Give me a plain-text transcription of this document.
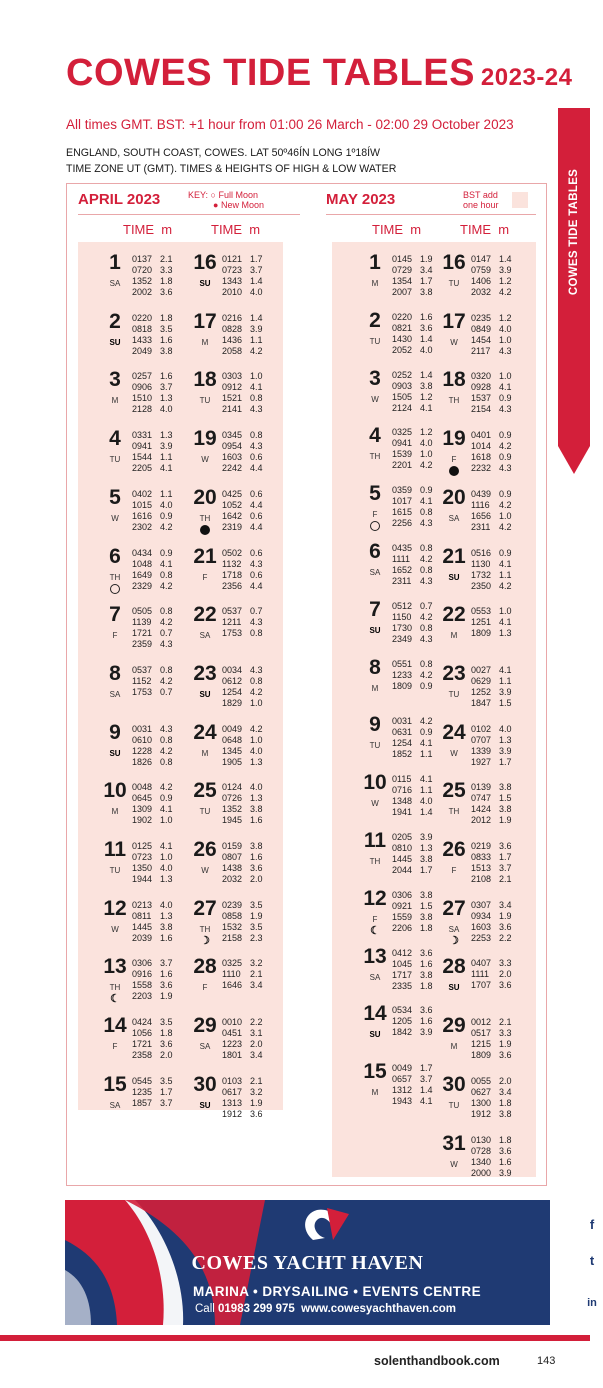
COWES TIDE TABLES 2023-24
All times GMT. BST: +1 hour from 01:00 26 March - 02:00 29 October 2023
ENGLAND, SOUTH COAST, COWES. LAT 50º46ÍN LONG 1º18ÍW
TIME ZONE UT (GMT). TIMES & HEIGHTS OF HIGH & LOW WATER	COWES TIDE TABLES
APRIL 2023	MAY 2023
KEY: ○ Full Moon
● New Moon
BST add
one hour
TIME m	TIME m	TIME m	TIME m
COWES YACHT HAVEN
MARINA • DRYSAILING • EVENTS CENTRE
Call 01983 299 975 www.cowesyachthaven.com
f
t
in
solenthandbook.com	143
1
SA
0137 2.1
0720 3.3
1352 1.8
2002 3.6
2
SU
0220 1.8
0818 3.5
1433 1.6
2049 3.8
3
M
0257 1.6
0906 3.7
1510 1.3
2128 4.0
4
TU
0331 1.3
0941 3.9
1544 1.1
2205 4.1
5
W
0402 1.1
1015 4.0
1616 0.9
2302 4.2
6
TH
0434 0.9
1048 4.1
1649 0.8
2329 4.2
7
F
0505 0.8
1139 4.2
1721 0.7
2359 4.3
8
SA
0537 0.8
1152 4.2
1753 0.7
9
SU
0031 4.3
0610 0.8
1228 4.2
1826 0.8
10
M
0048 4.2
0645 0.9
1309 4.1
1902 1.0
11
TU
0125 4.1
0723 1.0
1350 4.0
1944 1.3
12
W
0213 4.0
0811 1.3
1445 3.8
2039 1.6
13
TH
☾
0306 3.7
0916 1.6
1558 3.6
2203 1.9
14
F
0424 3.5
1056 1.8
1721 3.6
2358 2.0
15
SA
0545 3.5
1235 1.7
1857 3.7
16
SU
0121 1.7
0723 3.7
1343 1.4
2010 4.0
17
M
0216 1.4
0828 3.9
1436 1.1
2058 4.2
18
TU
0303 1.0
0912 4.1
1521 0.8
2141 4.3
19
W
0345 0.8
0954 4.3
1603 0.6
2242 4.4
20
TH
0425 0.6
1052 4.4
1642 0.6
2319 4.4
21
F
0502 0.6
1132 4.3
1718 0.6
2356 4.4
22
SA
0537 0.7
1211 4.3
1753 0.8
23
SU
0034 4.3
0612 0.8
1254 4.2
1829 1.0
24
M
0049 4.2
0648 1.0
1345 4.0
1905 1.3
25
TU
0124 4.0
0726 1.3
1352 3.8
1945 1.6
26
W
0159 3.8
0807 1.6
1438 3.6
2032 2.0
27
TH
☽
0239 3.5
0858 1.9
1532 3.5
2158 2.3
28
F
0325 3.2
1110 2.1
1646 3.4
29
SA
0010 2.2
0451 3.1
1223 2.0
1801 3.4
30
SU
0103 2.1
0617 3.2
1313 1.9
1912 3.6
1
M
0145 1.9
0729 3.4
1354 1.7
2007 3.8
2
TU
0220 1.6
0821 3.6
1430 1.4
2052 4.0
3
W
0252 1.4
0903 3.8
1505 1.2
2124 4.1
4
TH
0325 1.2
0941 4.0
1539 1.0
2201 4.2
5
F
0359 0.9
1017 4.1
1615 0.8
2256 4.3
6
SA
0435 0.8
1111 4.2
1652 0.8
2311 4.3
7
SU
0512 0.7
1150 4.2
1730 0.8
2349 4.3
8
M
0551 0.8
1233 4.2
1809 0.9
9
TU
0031 4.2
0631 0.9
1254 4.1
1852 1.1
10
W
0115 4.1
0716 1.1
1348 4.0
1941 1.4
11
TH
0205 3.9
0810 1.3
1445 3.8
2044 1.7
12
F
☾
0306 3.8
0921 1.5
1559 3.8
2206 1.8
13
SA
0412 3.6
1045 1.6
1717 3.8
2335 1.8
14
SU
0534 3.6
1205 1.6
1842 3.9
15
M
0049 1.7
0657 3.7
1312 1.4
1943 4.1
16
TU
0147 1.4
0759 3.9
1406 1.2
2032 4.2
17
W
0235 1.2
0849 4.0
1454 1.0
2117 4.3
18
TH
0320 1.0
0928 4.1
1537 0.9
2154 4.3
19
F
0401 0.9
1014 4.2
1618 0.9
2232 4.3
20
SA
0439 0.9
1116 4.2
1656 1.0
2311 4.2
21
SU
0516 0.9
1130 4.1
1732 1.1
2350 4.2
22
M
0553 1.0
1251 4.1
1809 1.3
23
TU
0027 4.1
0629 1.1
1252 3.9
1847 1.5
24
W
0102 4.0
0707 1.3
1339 3.9
1927 1.7
25
TH
0139 3.8
0747 1.5
1424 3.8
2012 1.9
26
F
0219 3.6
0833 1.7
1513 3.7
2108 2.1
27
SA
☽
0307 3.4
0934 1.9
1603 3.6
2253 2.2
28
SU
0407 3.3
1111 2.0
1707 3.6
29
M
0012 2.1
0517 3.3
1215 1.9
1809 3.6
30
TU
0055 2.0
0627 3.4
1300 1.8
1912 3.8
31
W
0130 1.8
0728 3.6
1340 1.6
2000 3.9
